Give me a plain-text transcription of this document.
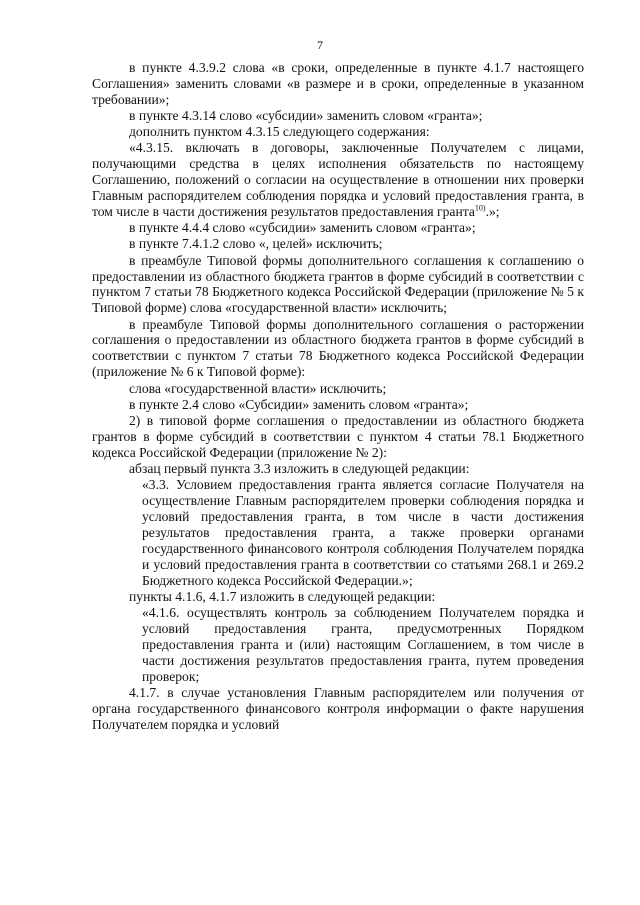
7

в пункте 4.3.9.2 слова «в сроки, определенные в пункте 4.1.7 настоящего Соглашения» заменить словами «в размере и в сроки, определенные в указанном требовании»;

в пункте 4.3.14 слово «субсидии» заменить словом «гранта»;

дополнить пунктом 4.3.15 следующего содержания:

«4.3.15. включать в договоры, заключенные Получателем с лицами, получающими средства в целях исполнения обязательств по настоящему Соглашению, положений о согласии на осуществление в отношении них проверки Главным распорядителем соблюдения порядка и условий предоставления гранта, в том числе в части достижения результатов предоставления гранта$^{10)}$.»;

в пункте 4.4.4 слово «субсидии» заменить словом «гранта»;

в пункте 7.4.1.2 слово «, целей» исключить;

в преамбуле Типовой формы дополнительного соглашения к соглашению о предоставлении из областного бюджета грантов в форме субсидий в соответствии с пунктом 7 статьи 78 Бюджетного кодекса Российской Федерации (приложение № 5 к Типовой форме) слова «государственной власти» исключить;

в преамбуле Типовой формы дополнительного соглашения о расторжении соглашения о предоставлении из областного бюджета грантов в форме субсидий в соответствии с пунктом 7 статьи 78 Бюджетного кодекса Российской Федерации (приложение № 6 к Типовой форме):

слова «государственной власти» исключить;

в пункте 2.4 слово «Субсидии» заменить словом «гранта»;

2) в типовой форме соглашения о предоставлении из областного бюджета грантов в форме субсидий в соответствии с пунктом 4 статьи 78.1 Бюджетного кодекса Российской Федерации (приложение № 2):

абзац первый пункта 3.3 изложить в следующей редакции:

«3.3. Условием предоставления гранта является согласие Получателя на осуществление Главным распорядителем проверки соблюдения порядка и условий предоставления гранта, в том числе в части достижения результатов предоставления гранта, а также проверки органами государственного финансового контроля соблюдения Получателем порядка и условий предоставления гранта в соответствии со статьями 268.1 и 269.2 Бюджетного кодекса Российской Федерации.»;

пункты 4.1.6, 4.1.7 изложить в следующей редакции:

«4.1.6. осуществлять контроль за соблюдением Получателем порядка и условий предоставления гранта, предусмотренных Порядком предоставления гранта и (или) настоящим Соглашением, в том числе в части достижения результатов предоставления гранта, путем проведения проверок;

4.1.7. в случае установления Главным распорядителем или получения от органа государственного финансового контроля информации о факте нарушения Получателем порядка и условий
